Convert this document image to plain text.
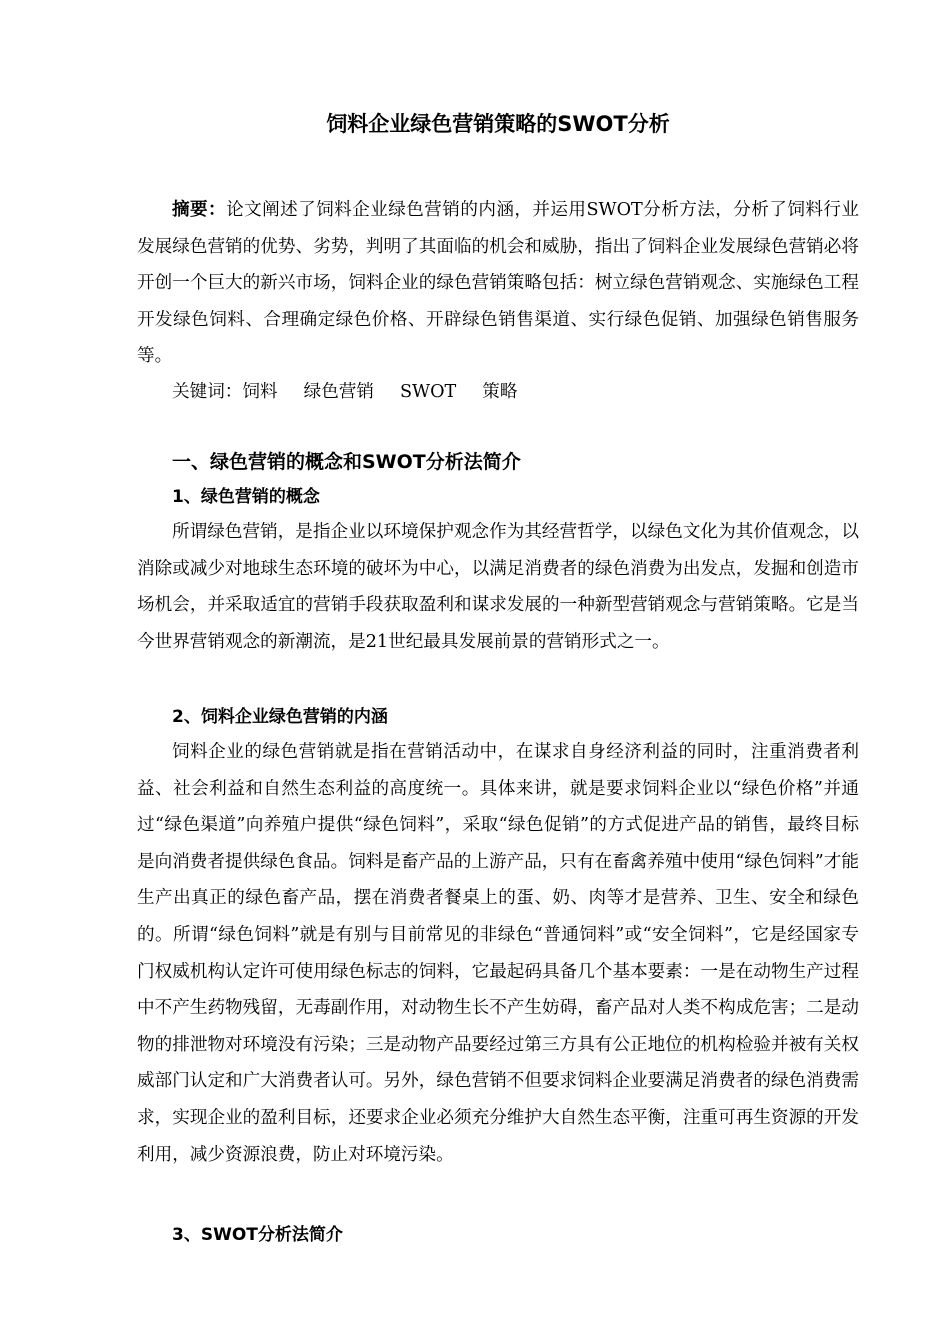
饲料企业绿色营销策略的SWOT分析

摘要：论文阐述了饲料企业绿色营销的内涵，并运用SWOT分析方法，分析了饲料行业发展绿色营销的优势、劣势，判明了其面临的机会和威胁，指出了饲料企业发展绿色营销必将开创一个巨大的新兴市场，饲料企业的绿色营销策略包括：树立绿色营销观念、实施绿色工程开发绿色饲料、合理确定绿色价格、开辟绿色销售渠道、实行绿色促销、加强绿色销售服务等。

关键词：饲料 绿色营销 SWOT 策略
一、绿色营销的概念和SWOT分析法简介
1、绿色营销的概念

所谓绿色营销，是指企业以环境保护观念作为其经营哲学，以绿色文化为其价值观念，以消除或减少对地球生态环境的破坏为中心，以满足消费者的绿色消费为出发点，发掘和创造市场机会，并采取适宜的营销手段获取盈利和谋求发展的一种新型营销观念与营销策略。它是当今世界营销观念的新潮流，是21世纪最具发展前景的营销形式之一。

2、饲料企业绿色营销的内涵

饲料企业的绿色营销就是指在营销活动中，在谋求自身经济利益的同时，注重消费者利益、社会利益和自然生态利益的高度统一。具体来讲，就是要求饲料企业以“绿色价格”并通过“绿色渠道”向养殖户提供“绿色饲料”，采取“绿色促销”的方式促进产品的销售，最终目标是向消费者提供绿色食品。饲料是畜产品的上游产品，只有在畜禽养殖中使用“绿色饲料”才能生产出真正的绿色畜产品，摆在消费者餐桌上的蛋、奶、肉等才是营养、卫生、安全和绿色的。所谓“绿色饲料”就是有别与目前常见的非绿色“普通饲料”或“安全饲料”，它是经国家专门权威机构认定许可使用绿色标志的饲料，它最起码具备几个基本要素：一是在动物生产过程中不产生药物残留，无毒副作用，对动物生长不产生妨碍，畜产品对人类不构成危害；二是动物的排泄物对环境没有污染；三是动物产品要经过第三方具有公正地位的机构检验并被有关权威部门认定和广大消费者认可。另外，绿色营销不但要求饲料企业要满足消费者的绿色消费需求，实现企业的盈利目标，还要求企业必须充分维护大自然生态平衡，注重可再生资源的开发利用，减少资源浪费，防止对环境污染。

3、SWOT分析法简介
